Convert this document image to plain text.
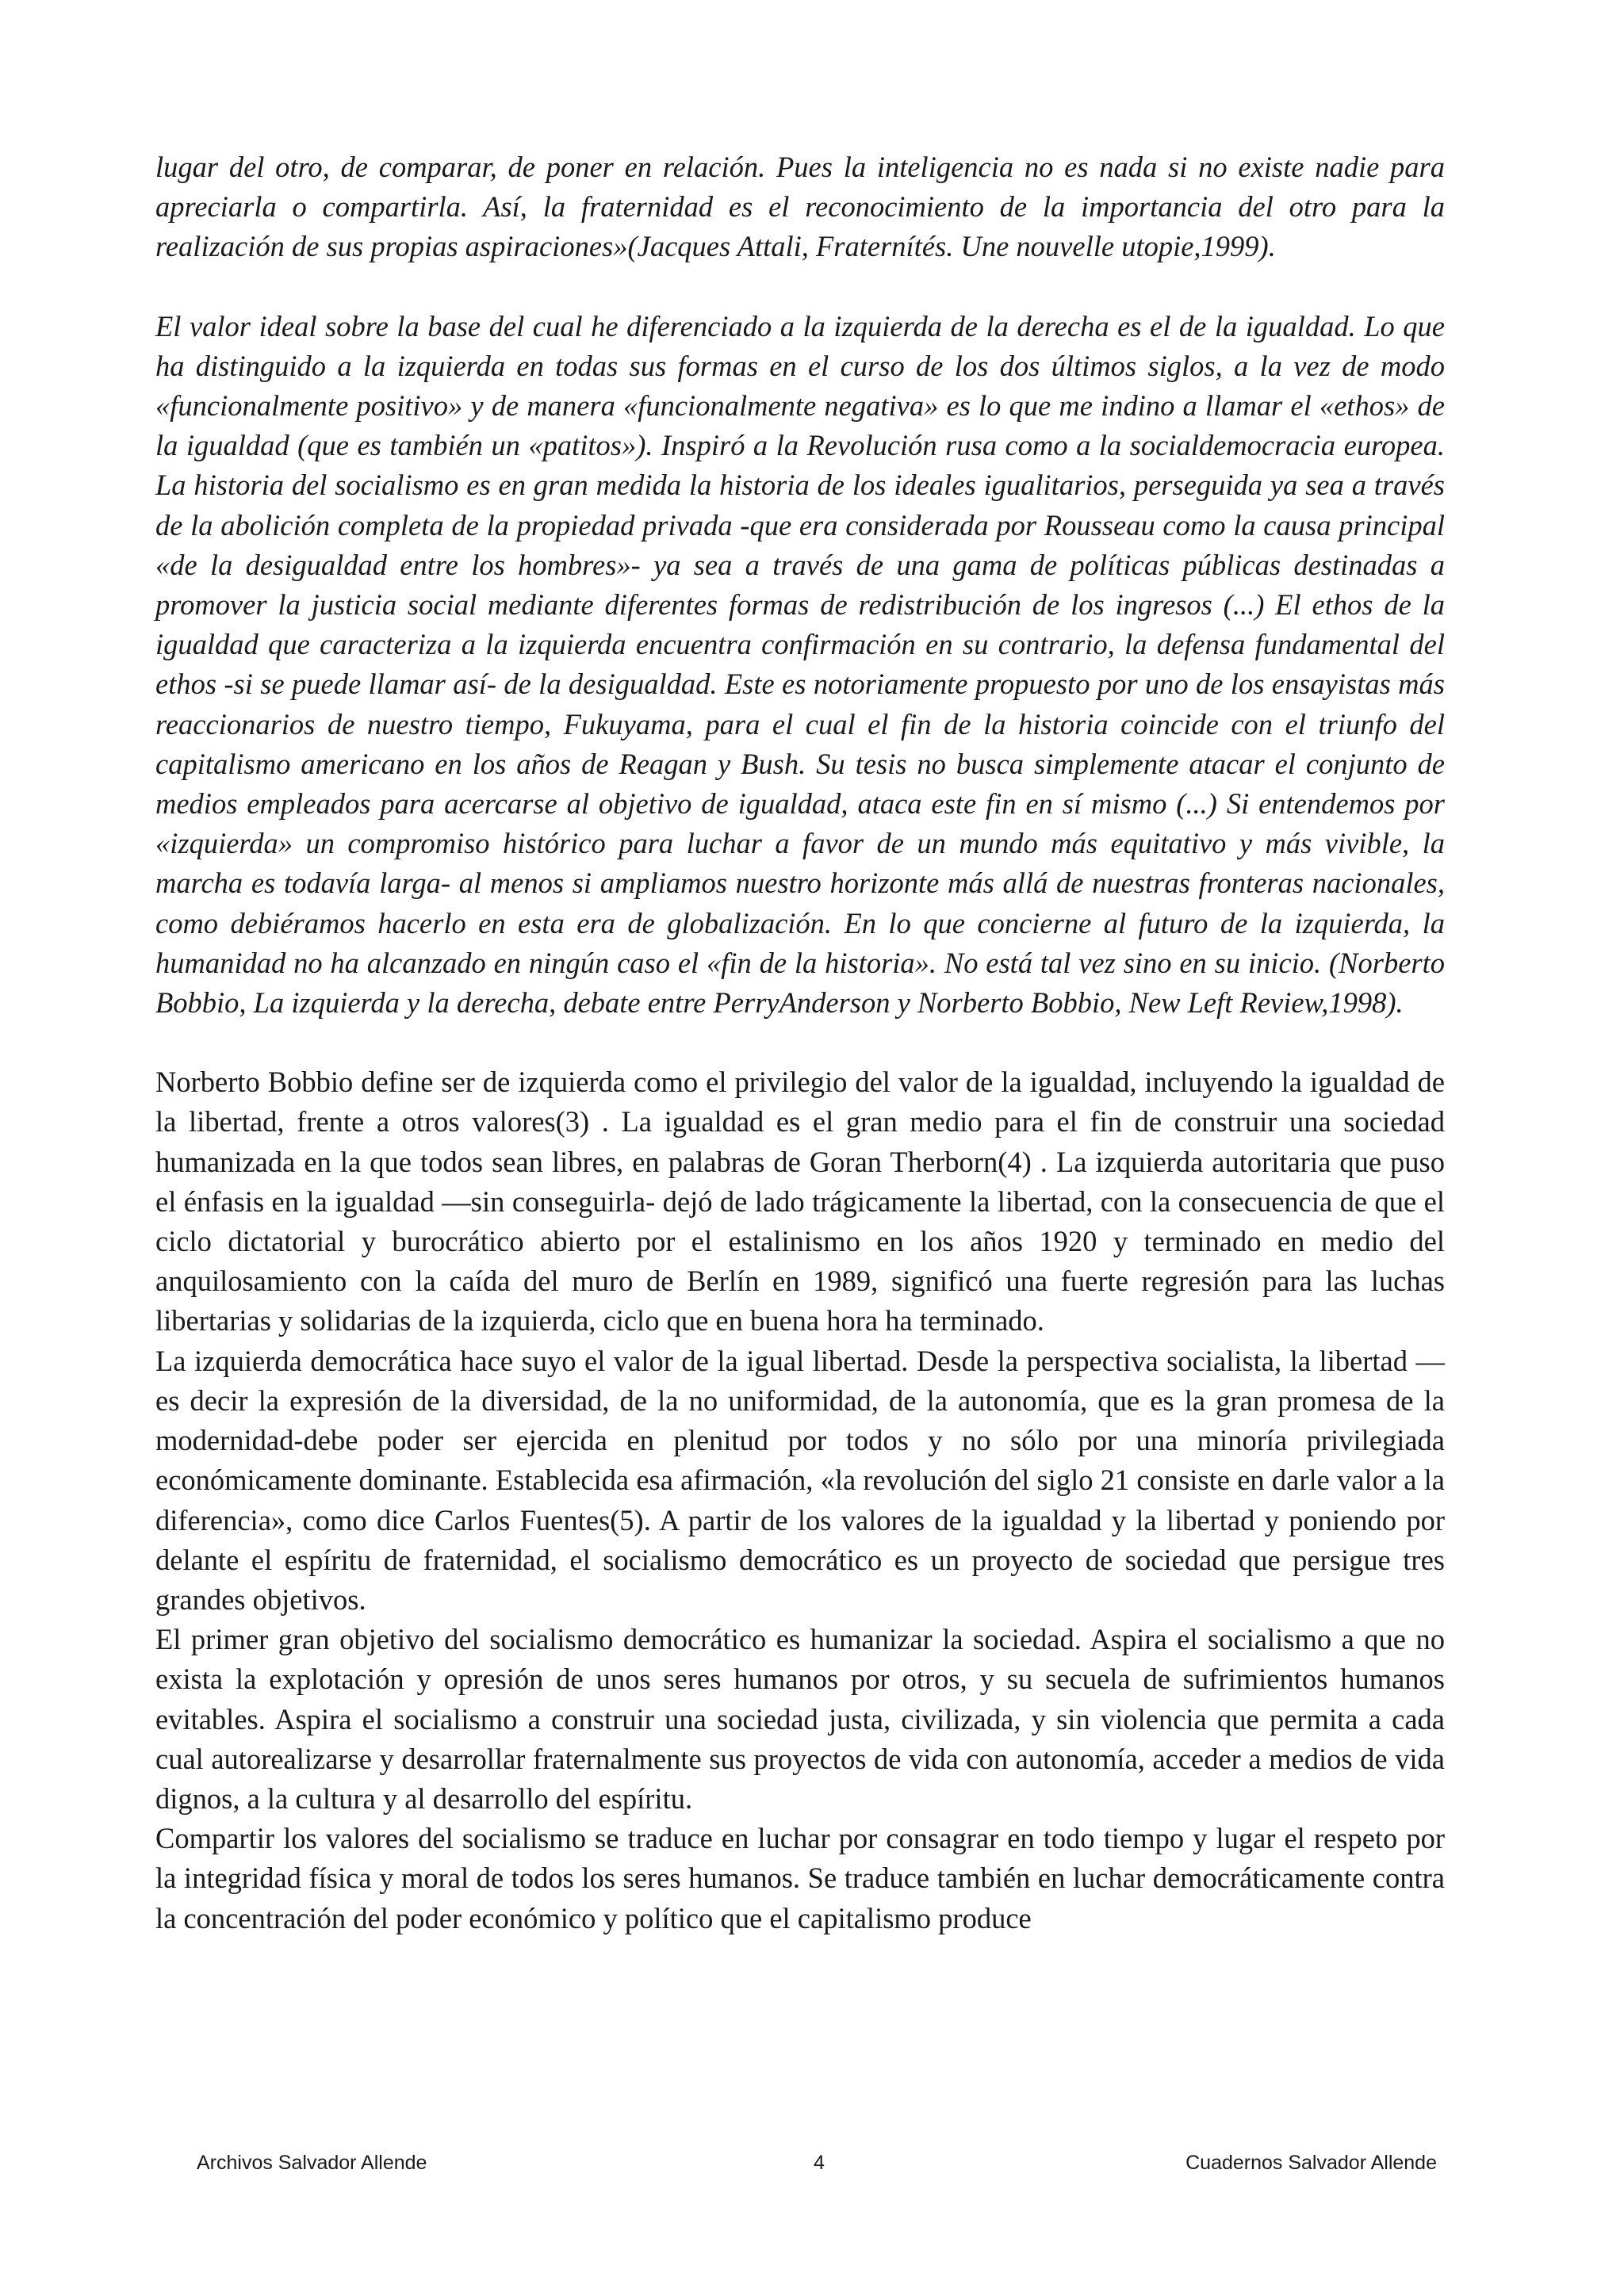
lugar del otro, de comparar, de poner en relación. Pues la inteligencia no es nada si no existe nadie para apreciarla o compartirla. Así, la fraternidad es el reconocimiento de la importancia del otro para la realización de sus propias aspiraciones»(Jacques Attali, Fraternítés. Une nouvelle utopie,1999).

El valor ideal sobre la base del cual he diferenciado a la izquierda de la derecha es el de la igualdad. Lo que ha distinguido a la izquierda en todas sus formas en el curso de los dos últimos siglos, a la vez de modo «funcionalmente positivo» y de manera «funcionalmente negativa» es lo que me indino a llamar el «ethos» de la igualdad (que es también un «patitos»). Inspiró a la Revolución rusa como a la socialdemocracia europea. La historia del socialismo es en gran medida la historia de los ideales igualitarios, perseguida ya sea a través de la abolición completa de la propiedad privada -que era considerada por Rousseau como la causa principal «de la desigualdad entre los hombres»- ya sea a través de una gama de políticas públicas destinadas a promover la justicia social mediante diferentes formas de redistribución de los ingresos (...) El ethos de la igualdad que caracteriza a la izquierda encuentra confirmación en su contrario, la defensa fundamental del ethos -si se puede llamar así- de la desigualdad. Este es notoriamente propuesto por uno de los ensayistas más reaccionarios de nuestro tiempo, Fukuyama, para el cual el fin de la historia coincide con el triunfo del capitalismo americano en los años de Reagan y Bush. Su tesis no busca simplemente atacar el conjunto de medios empleados para acercarse al objetivo de igualdad, ataca este fin en sí mismo (...) Si entendemos por «izquierda» un compromiso histórico para luchar a favor de un mundo más equitativo y más vivible, la marcha es todavía larga- al menos si ampliamos nuestro horizonte más allá de nuestras fronteras nacionales, como debiéramos hacerlo en esta era de globalización. En lo que concierne al futuro de la izquierda, la humanidad no ha alcanzado en ningún caso el «fin de la historia». No está tal vez sino en su inicio. (Norberto Bobbio, La izquierda y la derecha, debate entre PerryAnderson y Norberto Bobbio, New Left Review,1998).

Norberto Bobbio define ser de izquierda como el privilegio del valor de la igualdad, incluyendo la igualdad de la libertad, frente a otros valores(3) . La igualdad es el gran medio para el fin de construir una sociedad humanizada en la que todos sean libres, en palabras de Goran Therborn(4) . La izquierda autoritaria que puso el énfasis en la igualdad —sin conseguirla- dejó de lado trágicamente la libertad, con la consecuencia de que el ciclo dictatorial y burocrático abierto por el estalinismo en los años 1920 y terminado en medio del anquilosamiento con la caída del muro de Berlín en 1989, significó una fuerte regresión para las luchas libertarias y solidarias de la izquierda, ciclo que en buena hora ha terminado.

La izquierda democrática hace suyo el valor de la igual libertad. Desde la perspectiva socialista, la libertad —es decir la expresión de la diversidad, de la no uniformidad, de la autonomía, que es la gran promesa de la modernidad-debe poder ser ejercida en plenitud por todos y no sólo por una minoría privilegiada económicamente dominante. Establecida esa afirmación, «la revolución del siglo 21 consiste en darle valor a la diferencia», como dice Carlos Fuentes(5). A partir de los valores de la igualdad y la libertad y poniendo por delante el espíritu de fraternidad, el socialismo democrático es un proyecto de sociedad que persigue tres grandes objetivos.

El primer gran objetivo del socialismo democrático es humanizar la sociedad. Aspira el socialismo a que no exista la explotación y opresión de unos seres humanos por otros, y su secuela de sufrimientos humanos evitables. Aspira el socialismo a construir una sociedad justa, civilizada, y sin violencia que permita a cada cual autorealizarse y desarrollar fraternalmente sus proyectos de vida con autonomía, acceder a medios de vida dignos, a la cultura y al desarrollo del espíritu.

Compartir los valores del socialismo se traduce en luchar por consagrar en todo tiempo y lugar el respeto por la integridad física y moral de todos los seres humanos. Se traduce también en luchar democráticamente contra la concentración del poder económico y político que el capitalismo produce

Archivos Salvador Allende	4	Cuadernos Salvador Allende
